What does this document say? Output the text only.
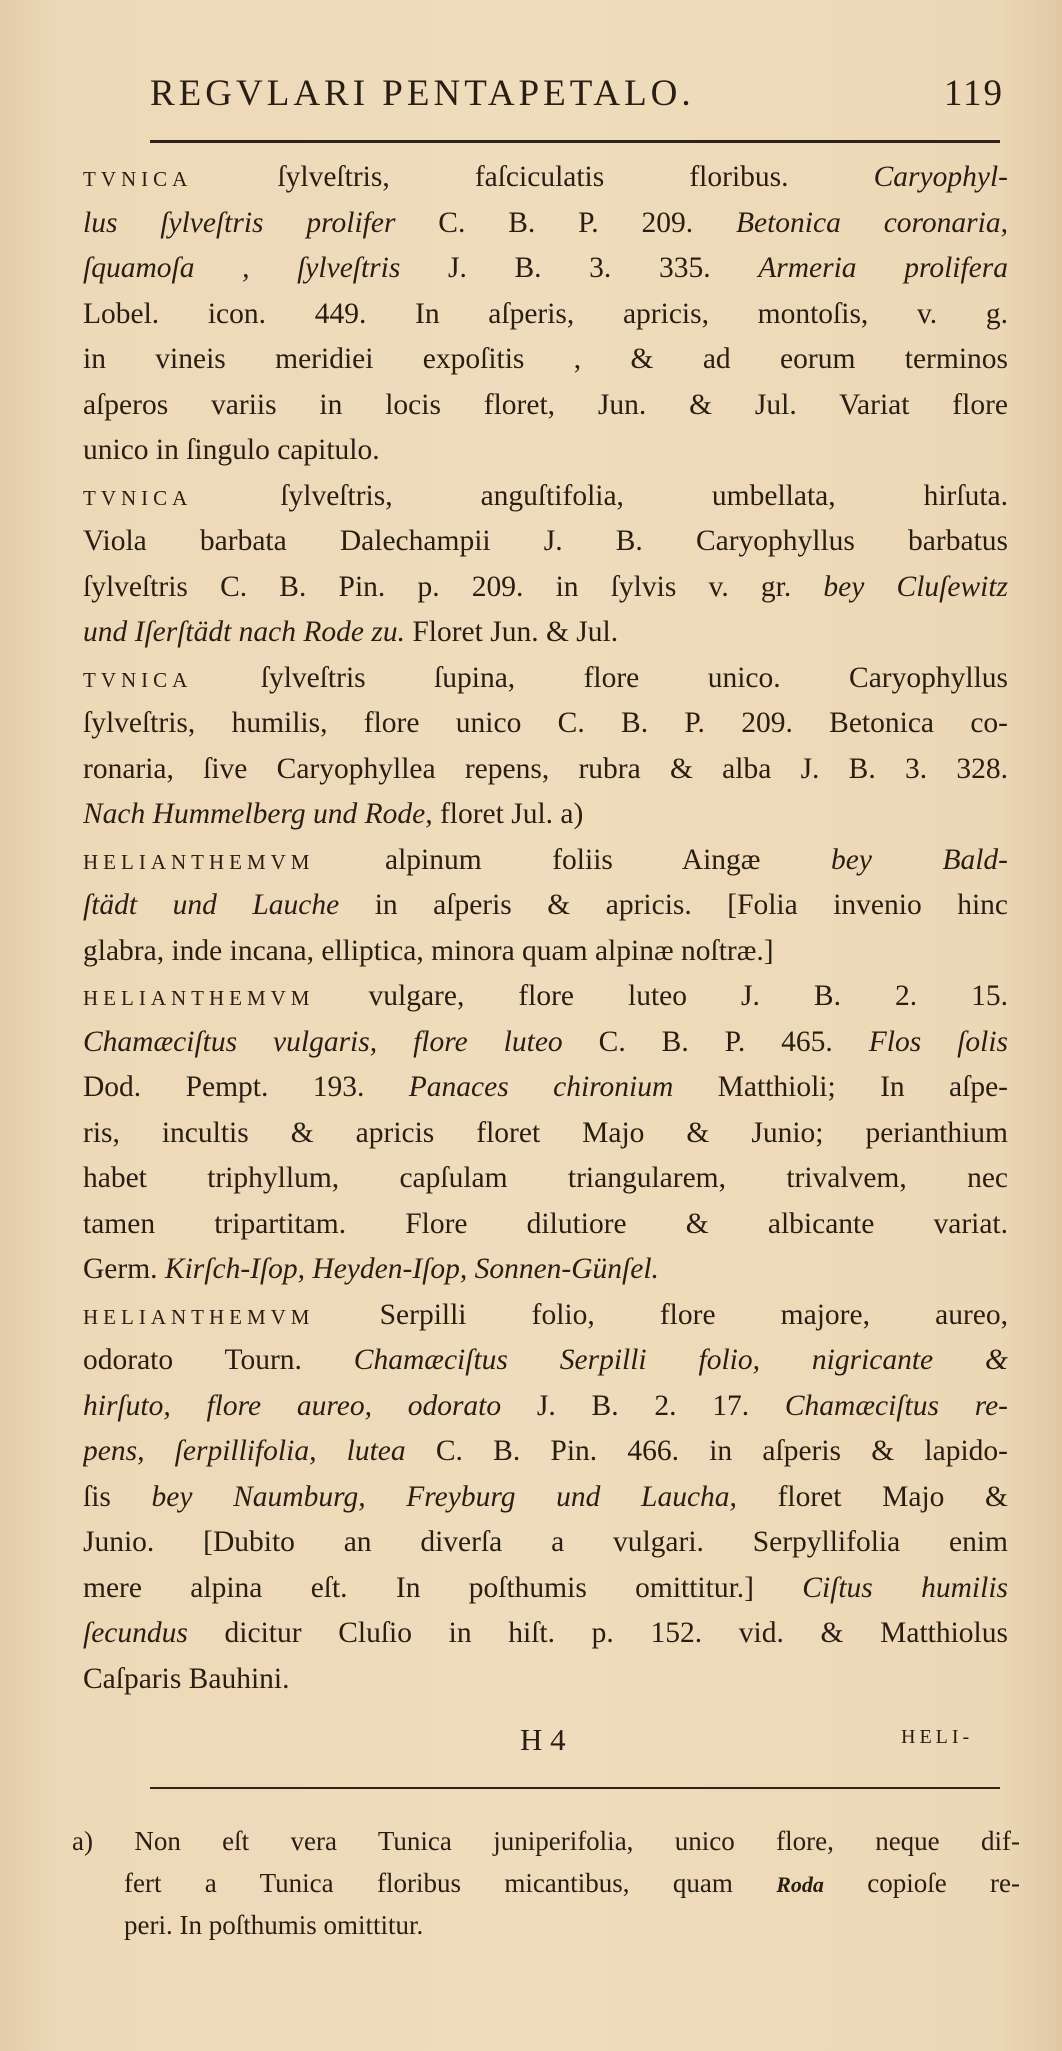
REGVLARI PENTAPETALO.	119
TVNICA ſylveſtris, faſciculatis floribus. Caryophyl-
lus ſylveſtris prolifer C. B. P. 209. Betonica coronaria,
ſquamoſa , ſylveſtris J. B. 3. 335. Armeria prolifera
Lobel. icon. 449. In aſperis, apricis, montoſis, v. g.
in vineis meridiei expoſitis , & ad eorum terminos
aſperos variis in locis floret, Jun. & Jul. Variat flore
unico in ſingulo capitulo.
TVNICA ſylveſtris, anguſtifolia, umbellata, hirſuta.
Viola barbata Dalechampii J. B. Caryophyllus barbatus
ſylveſtris C. B. Pin. p. 209. in ſylvis v. gr. bey Cluſewitz
und Iſerſtädt nach Rode zu. Floret Jun. & Jul.
TVNICA ſylveſtris ſupina, flore unico. Caryophyllus
ſylveſtris, humilis, flore unico C. B. P. 209. Betonica co-
ronaria, ſive Caryophyllea repens, rubra & alba J. B. 3. 328.
Nach Hummelberg und Rode, floret Jul. a)
HELIANTHEMVM alpinum foliis Aingæ bey Bald-
ſtädt und Lauche in aſperis & apricis. [Folia invenio hinc
glabra, inde incana, elliptica, minora quam alpinæ noſtræ.]
HELIANTHEMVM vulgare, flore luteo J. B. 2. 15.
Chamæciſtus vulgaris, flore luteo C. B. P. 465. Flos ſolis
Dod. Pempt. 193. Panaces chironium Matthioli; In aſpe-
ris, incultis & apricis floret Majo & Junio; perianthium
habet triphyllum, capſulam triangularem, trivalvem, nec
tamen tripartitam. Flore dilutiore & albicante variat.
Germ. Kirſch-Iſop, Heyden-Iſop, Sonnen-Günſel.
HELIANTHEMVM Serpilli folio, flore majore, aureo,
odorato Tourn. Chamæciſtus Serpilli folio, nigricante &
hirſuto, flore aureo, odorato J. B. 2. 17. Chamæciſtus re-
pens, ſerpillifolia, lutea C. B. Pin. 466. in aſperis & lapido-
ſis bey Naumburg, Freyburg und Laucha, floret Majo &
Junio. [Dubito an diverſa a vulgari. Serpyllifolia enim
mere alpina eſt. In poſthumis omittitur.] Ciſtus humilis
ſecundus dicitur Cluſio in hiſt. p. 152. vid. & Matthiolus
Caſparis Bauhini.
H 4	HELI-
a) Non eſt vera Tunica juniperifolia, unico flore, neque dif-
fert a Tunica floribus micantibus, quam Roda copioſe re-
peri. In poſthumis omittitur.
